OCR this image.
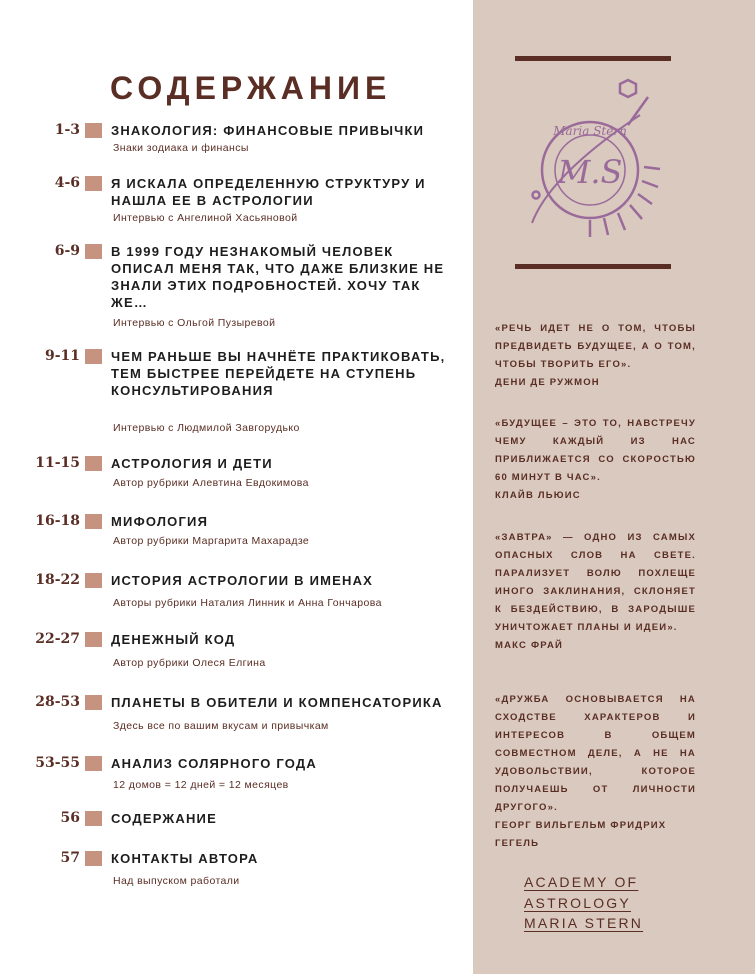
Maria Stern
M.S
СОДЕРЖАНИЕ
1-3 ЗНАКОЛОГИЯ: ФИНАНСОВЫЕ ПРИВЫЧКИ

Знаки зодиака и финансы

4-6 Я ИСКАЛА ОПРЕДЕЛЕННУЮ СТРУКТУРУ И НАШЛА ЕЕ В АСТРОЛОГИИ

Интервью с Ангелиной Хасьяновой

6-9 В 1999 ГОДУ НЕЗНАКОМЫЙ ЧЕЛОВЕК ОПИСАЛ МЕНЯ ТАК, ЧТО ДАЖЕ БЛИЗКИЕ НЕ ЗНАЛИ ЭТИХ ПОДРОБНОСТЕЙ. ХОЧУ ТАК ЖЕ…

Интервью с Ольгой Пузыревой

9-11 ЧЕМ РАНЬШЕ ВЫ НАЧНЁТЕ ПРАКТИКОВАТЬ, ТЕМ БЫСТРЕЕ ПЕРЕЙДЕТЕ НА СТУПЕНЬ КОНСУЛЬТИРОВАНИЯ

Интервью с Людмилой Завгорудько

11-15 АСТРОЛОГИЯ И ДЕТИ

Автор рубрики Алевтина Евдокимова

16-18 МИФОЛОГИЯ

Автор рубрики Маргарита Махарадзе

18-22 ИСТОРИЯ АСТРОЛОГИИ В ИМЕНАХ

Авторы рубрики Наталия Линник и Анна Гончарова

22-27 ДЕНЕЖНЫЙ КОД

Автор рубрики Олеся Елгина

28-53 ПЛАНЕТЫ В ОБИТЕЛИ И КОМПЕНСАТОРИКА

Здесь все по вашим вкусам и привычкам

53-55 АНАЛИЗ СОЛЯРНОГО ГОДА

12 домов = 12 дней = 12 месяцев

56 СОДЕРЖАНИЕ

57 КОНТАКТЫ АВТОРА

Над выпуском работали

«РЕЧЬ ИДЕТ НЕ О ТОМ, ЧТОБЫ ПРЕДВИДЕТЬ БУДУЩЕЕ, А О ТОМ, ЧТОБЫ ТВОРИТЬ ЕГО».
ДЕНИ ДЕ РУЖМОН

«БУДУЩЕЕ – ЭТО ТО, НАВСТРЕЧУ ЧЕМУ КАЖДЫЙ ИЗ НАС ПРИБЛИЖАЕТСЯ СО СКОРОСТЬЮ 60 МИНУТ В ЧАС».
КЛАЙВ ЛЬЮИС

«ЗАВТРА» — ОДНО ИЗ САМЫХ ОПАСНЫХ СЛОВ НА СВЕТЕ. ПАРАЛИЗУЕТ ВОЛЮ ПОХЛЕЩЕ ИНОГО ЗАКЛИНАНИЯ, СКЛОНЯЕТ К БЕЗДЕЙСТВИЮ, В ЗАРОДЫШЕ УНИЧТОЖАЕТ ПЛАНЫ И ИДЕИ».
МАКС ФРАЙ

«ДРУЖБА ОСНОВЫВАЕТСЯ НА СХОДСТВЕ ХАРАКТЕРОВ И ИНТЕРЕСОВ В ОБЩЕМ СОВМЕСТНОМ ДЕЛЕ, А НЕ НА УДОВОЛЬСТВИИ, КОТОРОЕ ПОЛУЧАЕШЬ ОТ ЛИЧНОСТИ ДРУГОГО».
ГЕОРГ ВИЛЬГЕЛЬМ ФРИДРИХ ГЕГЕЛЬ

ACADEMY OF
ASTROLOGY
MARIA STERN
